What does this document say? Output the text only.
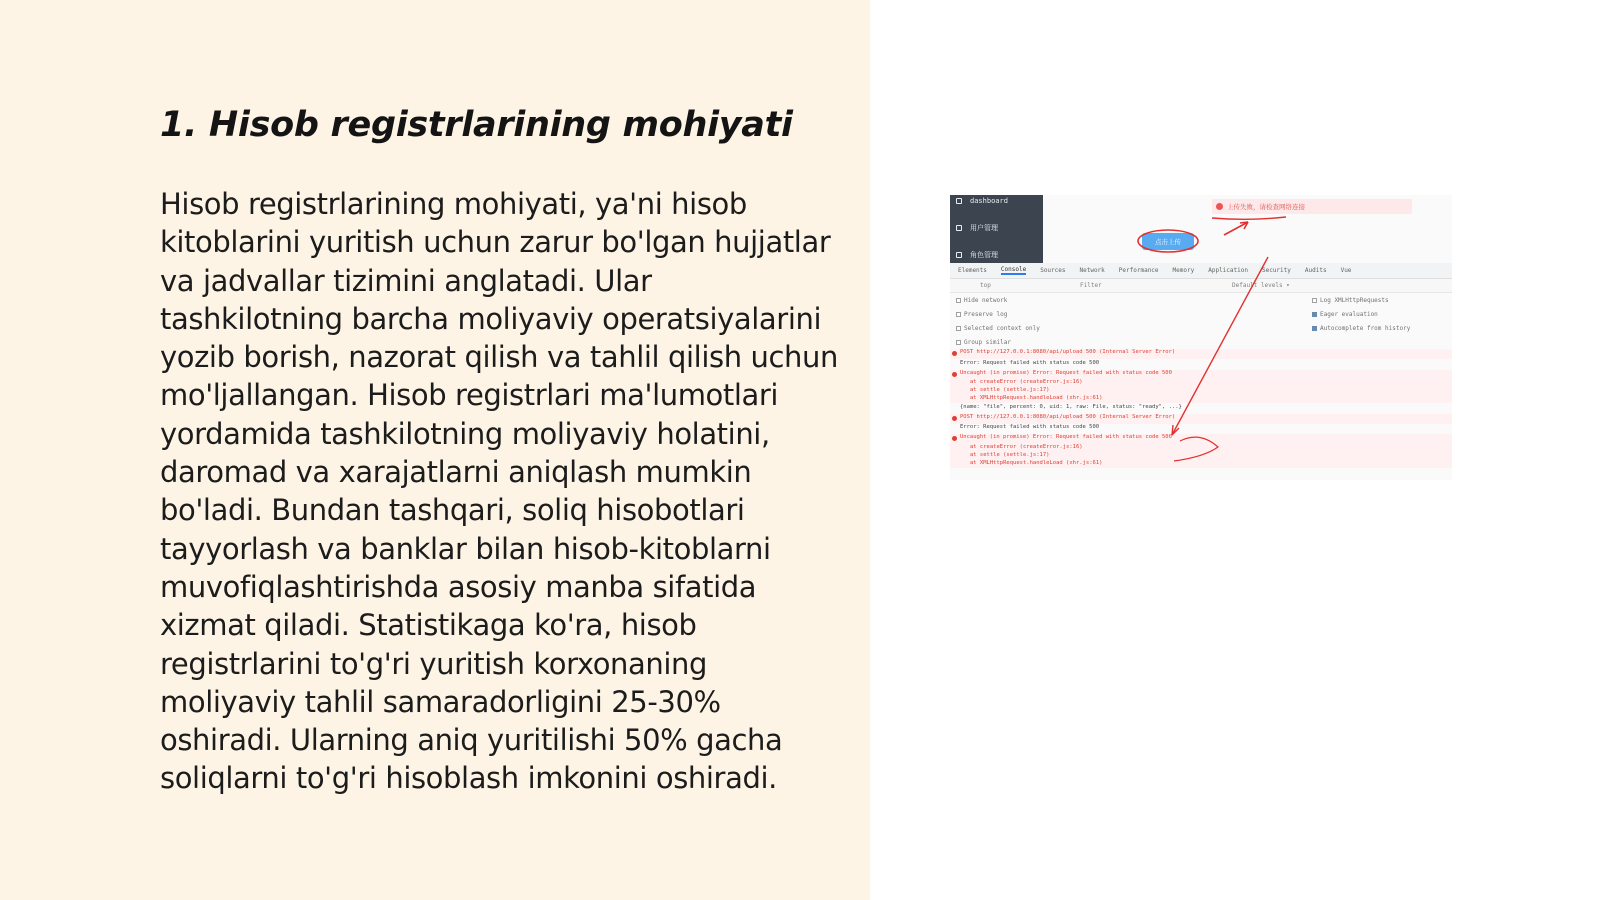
1. Hisob registrlarining mohiyati

Hisob registrlarining mohiyati, ya'ni hisob kitoblarini yuritish uchun zarur bo'lgan hujjatlar va jadvallar tizimini anglatadi. Ular tashkilotning barcha moliyaviy operatsiyalarini yozib borish, nazorat qilish va tahlil qilish uchun mo'ljallangan. Hisob registrlari ma'lumotlari yordamida tashkilotning moliyaviy holatini, daromad va xarajatlarni aniqlash mumkin bo'ladi. Bundan tashqari, soliq hisobotlari tayyorlash va banklar bilan hisob-kitoblarni muvofiqlashtirishda asosiy manba sifatida xizmat qiladi. Statistikaga ko'ra, hisob registrlarini to'g'ri yuritish korxonaning moliyaviy tahlil samaradorligini 25-30% oshiradi. Ularning aniq yuritilishi 50% gacha soliqlarni to'g'ri hisoblash imkonini oshiradi.

dashboard
用户管理
角色管理
上传失败，请检查网络连接
点击上传
Elements Console Sources Network Performance Memory Application Security Audits Vue
top	Filter	Default levels ▾
Hide network
Preserve log
Selected context only
Group similar
Log XMLHttpRequests
Eager evaluation
Autocomplete from history
POST http://127.0.0.1:8080/api/upload 500 (Internal Server Error)
Error: Request failed with status code 500
Uncaught (in promise) Error: Request failed with status code 500
at createError (createError.js:16)
at settle (settle.js:17)
at XMLHttpRequest.handleLoad (xhr.js:61)
{name: "file", percent: 0, uid: 1, raw: File, status: "ready", ...}
POST http://127.0.0.1:8080/api/upload 500 (Internal Server Error)
Error: Request failed with status code 500
Uncaught (in promise) Error: Request failed with status code 500
at createError (createError.js:16)
at settle (settle.js:17)
at XMLHttpRequest.handleLoad (xhr.js:61)
